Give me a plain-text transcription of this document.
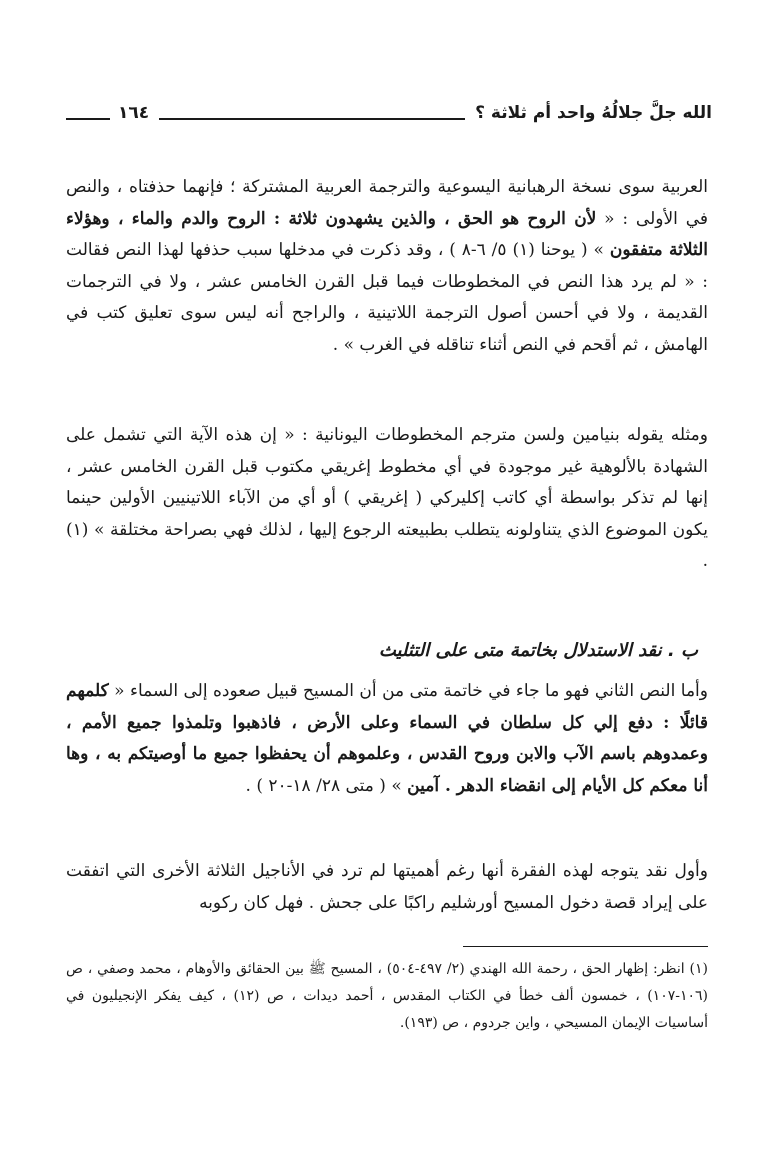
الله جلَّ جلالُهُ واحد أم ثلاثة ؟
١٦٤

العربية سوى نسخة الرهبانية اليسوعية والترجمة العربية المشتركة ؛ فإنهما حذفتاه ، والنص في الأولى : « لأن الروح هو الحق ، والذين يشهدون ثلاثة : الروح والدم والماء ، وهؤلاء الثلاثة متفقون » ( يوحنا (١) ٥/ ٦-٨ ) ، وقد ذكرت في مدخلها سبب حذفها لهذا النص فقالت : « لم يرد هذا النص في المخطوطات فيما قبل القرن الخامس عشر ، ولا في الترجمات القديمة ، ولا في أحسن أصول الترجمة اللاتينية ، والراجح أنه ليس سوى تعليق كتب في الهامش ، ثم أقحم في النص أثناء تناقله في الغرب » .

ومثله يقوله بنيامين ولسن مترجم المخطوطات اليونانية : « إن هذه الآية التي تشمل على الشهادة بالألوهية غير موجودة في أي مخطوط إغريقي مكتوب قبل القرن الخامس عشر ، إنها لم تذكر بواسطة أي كاتب إكليركي ( إغريقي ) أو أي من الآباء اللاتينيين الأولين حينما يكون الموضوع الذي يتناولونه يتطلب بطبيعته الرجوع إليها ، لذلك فهي بصراحة مختلقة » (١) .

ب . نقد الاستدلال بخاتمة متى على التثليث

وأما النص الثاني فهو ما جاء في خاتمة متى من أن المسيح قبيل صعوده إلى السماء « كلمهم قائلًا : دفع إلي كل سلطان في السماء وعلى الأرض ، فاذهبوا وتلمذوا جميع الأمم ، وعمدوهم باسم الآب والابن وروح القدس ، وعلموهم أن يحفظوا جميع ما أوصيتكم به ، وها أنا معكم كل الأيام إلى انقضاء الدهر . آمين » ( متى ٢٨/ ١٨-٢٠ ) .

وأول نقد يتوجه لهذه الفقرة أنها رغم أهميتها لم ترد في الأناجيل الثلاثة الأخرى التي اتفقت على إيراد قصة دخول المسيح أورشليم راكبًا على جحش . فهل كان ركوبه

(١) انظر: إظهار الحق ، رحمة الله الهندي (٢/ ٤٩٧-٥٠٤) ، المسيح ﷺ بين الحقائق والأوهام ، محمد وصفي ، ص (١٠٦-١٠٧) ، خمسون ألف خطأ في الكتاب المقدس ، أحمد ديدات ، ص (١٢) ، كيف يفكر الإنجيليون في أساسيات الإيمان المسيحي ، واين جردوم ، ص (١٩٣).
